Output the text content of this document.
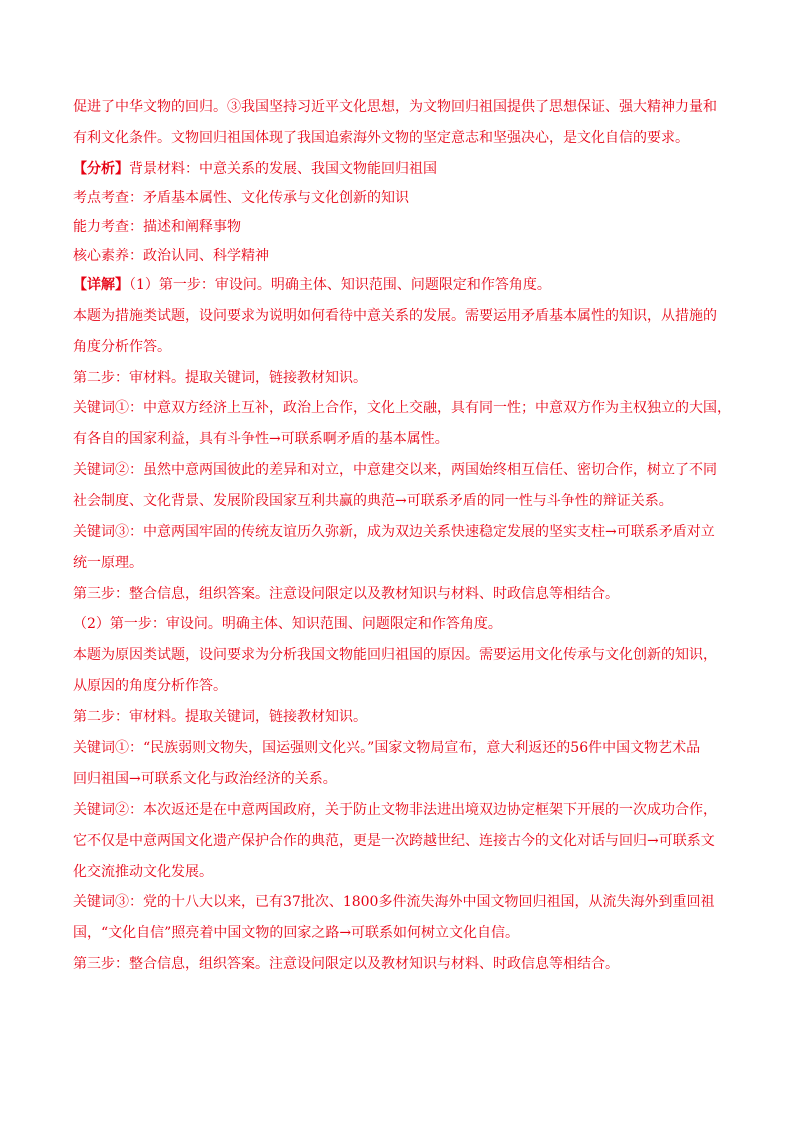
促进了中华文物的回归。③我国坚持习近平文化思想，为文物回归祖国提供了思想保证、强大精神力量和
有利文化条件。文物回归祖国体现了我国追索海外文物的坚定意志和坚强决心，是文化自信的要求。
【分析】背景材料：中意关系的发展、我国文物能回归祖国
考点考查：矛盾基本属性、文化传承与文化创新的知识
能力考查：描述和阐释事物
核心素养：政治认同、科学精神
【详解】（1）第一步：审设问。明确主体、知识范围、问题限定和作答角度。
本题为措施类试题，设问要求为说明如何看待中意关系的发展。需要运用矛盾基本属性的知识，从措施的
角度分析作答。
第二步：审材料。提取关键词，链接教材知识。
关键词①：中意双方经济上互补，政治上合作，文化上交融，具有同一性；中意双方作为主权独立的大国，
有各自的国家利益，具有斗争性→可联系啊矛盾的基本属性。
关键词②：虽然中意两国彼此的差异和对立，中意建交以来，两国始终相互信任、密切合作，树立了不同
社会制度、文化背景、发展阶段国家互利共赢的典范→可联系矛盾的同一性与斗争性的辩证关系。
关键词③：中意两国牢固的传统友谊历久弥新，成为双边关系快速稳定发展的坚实支柱→可联系矛盾对立
统一原理。
第三步：整合信息，组织答案。注意设问限定以及教材知识与材料、时政信息等相结合。
（2）第一步：审设问。明确主体、知识范围、问题限定和作答角度。
本题为原因类试题，设问要求为分析我国文物能回归祖国的原因。需要运用文化传承与文化创新的知识，
从原因的角度分析作答。
第二步：审材料。提取关键词，链接教材知识。
关键词①：“民族弱则文物失，国运强则文化兴。”国家文物局宣布，意大利返还的56件中国文物艺术品
回归祖国→可联系文化与政治经济的关系。
关键词②：本次返还是在中意两国政府，关于防止文物非法进出境双边协定框架下开展的一次成功合作，
它不仅是中意两国文化遗产保护合作的典范，更是一次跨越世纪、连接古今的文化对话与回归→可联系文
化交流推动文化发展。
关键词③：党的十八大以来，已有37批次、1800多件流失海外中国文物回归祖国，从流失海外到重回祖
国，“文化自信”照亮着中国文物的回家之路→可联系如何树立文化自信。
第三步：整合信息，组织答案。注意设问限定以及教材知识与材料、时政信息等相结合。
